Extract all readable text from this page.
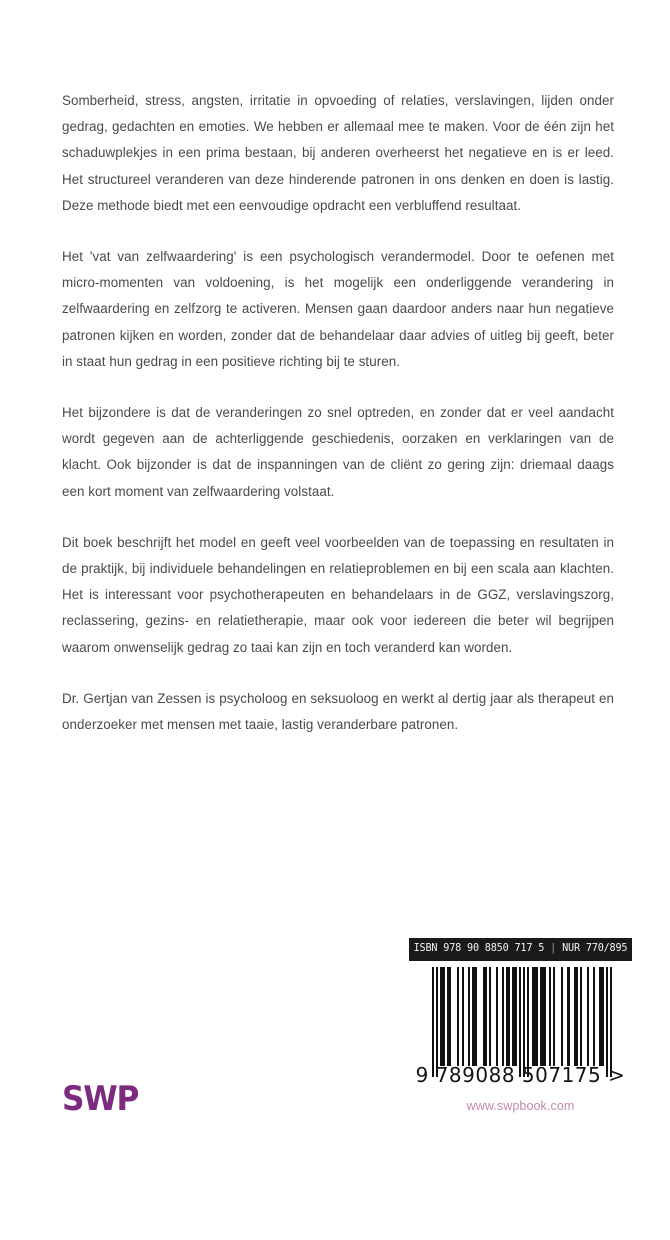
Somberheid, stress, angsten, irritatie in opvoeding of relaties, verslavingen, lijden onder gedrag, gedachten en emoties. We hebben er allemaal mee te maken. Voor de één zijn het schaduwplekjes in een prima bestaan, bij anderen overheerst het negatieve en is er leed. Het structureel veranderen van deze hinderende patronen in ons denken en doen is lastig. Deze methode biedt met een eenvoudige opdracht een verbluffend resultaat.

Het 'vat van zelfwaardering' is een psychologisch verandermodel. Door te oefenen met micro-momenten van voldoening, is het mogelijk een onderliggende verandering in zelfwaardering en zelfzorg te activeren. Mensen gaan daardoor anders naar hun negatieve patronen kijken en worden, zonder dat de behandelaar daar advies of uitleg bij geeft, beter in staat hun gedrag in een positieve richting bij te sturen.

Het bijzondere is dat de veranderingen zo snel optreden, en zonder dat er veel aandacht wordt gegeven aan de achterliggende geschiedenis, oorzaken en verklaringen van de klacht. Ook bijzonder is dat de inspanningen van de cliënt zo gering zijn: driemaal daags een kort moment van zelfwaardering volstaat.

Dit boek beschrijft het model en geeft veel voorbeelden van de toepassing en resultaten in de praktijk, bij individuele behandelingen en relatieproblemen en bij een scala aan klachten. Het is interessant voor psychotherapeuten en behandelaars in de GGZ, verslavingszorg, reclassering, gezins- en relatietherapie, maar ook voor iedereen die beter wil begrijpen waarom onwenselijk gedrag zo taai kan zijn en toch veranderd kan worden.

Dr. Gertjan van Zessen is psycholoog en seksuoloog en werkt al dertig jaar als therapeut en onderzoeker met mensen met taaie, lastig veranderbare patronen.

SWP
ISBN 978 90 8850 717 5 | NUR 770/895
9 789088 507175 >
www.swpbook.com
